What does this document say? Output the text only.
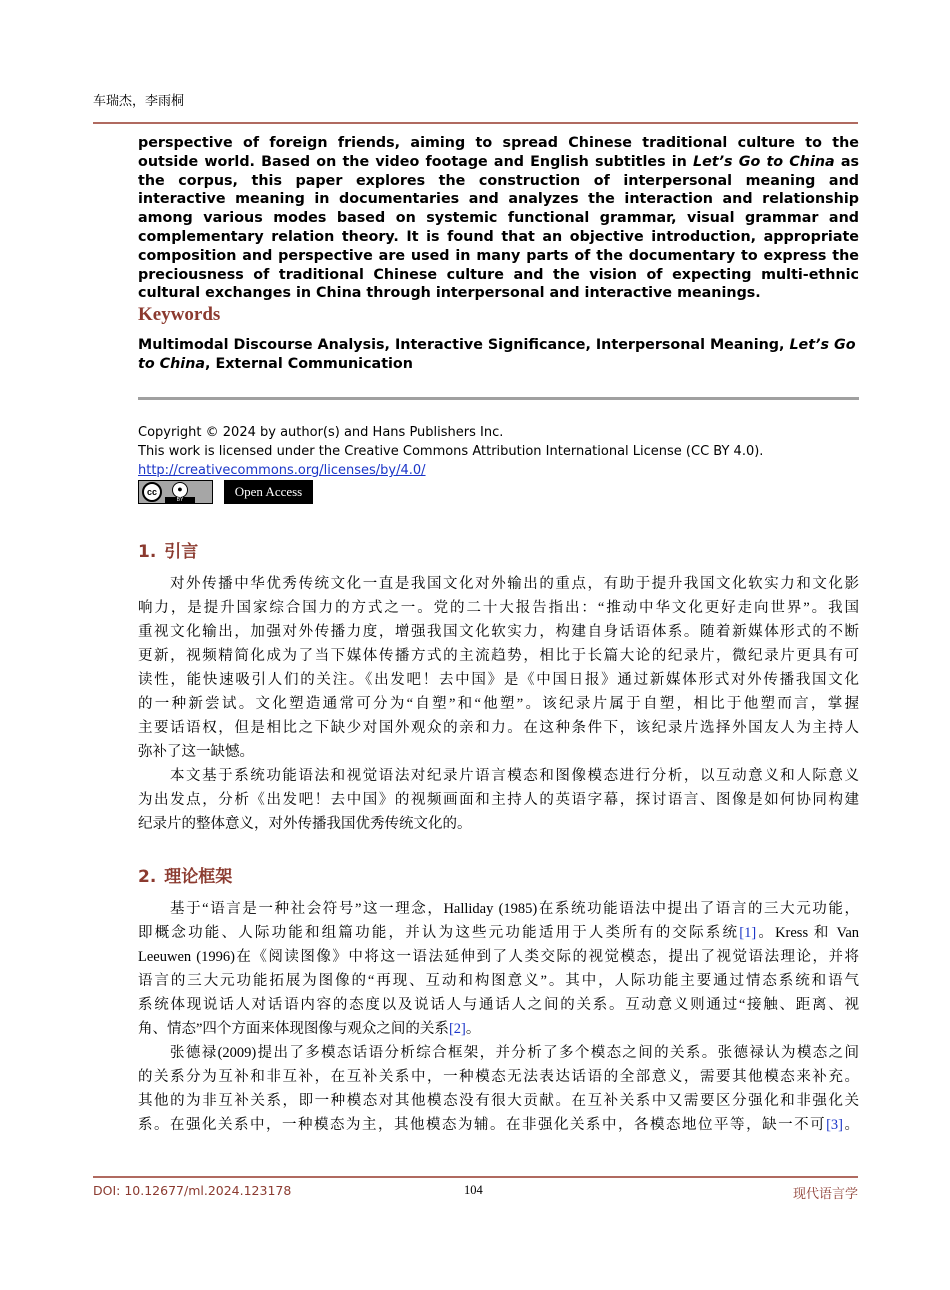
车瑞杰，李雨桐
perspective of foreign friends, aiming to spread Chinese traditional culture to the outside world. Based on the video footage and English subtitles in Let’s Go to China as the corpus, this paper explores the construction of interpersonal meaning and interactive meaning in documentaries and analyzes the interaction and relationship among various modes based on systemic functional grammar, visual grammar and complementary relation theory. It is found that an objective introduction, appropriate composition and perspective are used in many parts of the documentary to express the preciousness of traditional Chinese culture and the vision of expecting multi-ethnic cultural exchanges in China through interpersonal and interactive meanings.
Keywords
Multimodal Discourse Analysis, Interactive Significance, Interpersonal Meaning, Let’s Go to China, External Communication
Copyright © 2024 by author(s) and Hans Publishers Inc.
This work is licensed under the Creative Commons Attribution International License (CC BY 4.0).
http://creativecommons.org/licenses/by/4.0/
cc	●
BY
Open Access
1. 引言
对外传播中华优秀传统文化一直是我国文化对外输出的重点，有助于提升我国文化软实力和文化影
响力，是提升国家综合国力的方式之一。党的二十大报告指出：“推动中华文化更好走向世界”。我国
重视文化输出，加强对外传播力度，增强我国文化软实力，构建自身话语体系。随着新媒体形式的不断
更新，视频精简化成为了当下媒体传播方式的主流趋势，相比于长篇大论的纪录片，微纪录片更具有可
读性，能快速吸引人们的关注。《出发吧！去中国》是《中国日报》通过新媒体形式对外传播我国文化
的一种新尝试。文化塑造通常可分为“自塑”和“他塑”。该纪录片属于自塑，相比于他塑而言，掌握
主要话语权，但是相比之下缺少对国外观众的亲和力。在这种条件下，该纪录片选择外国友人为主持人
弥补了这一缺憾。
本文基于系统功能语法和视觉语法对纪录片语言模态和图像模态进行分析，以互动意义和人际意义
为出发点，分析《出发吧！去中国》的视频画面和主持人的英语字幕，探讨语言、图像是如何协同构建
纪录片的整体意义，对外传播我国优秀传统文化的。
2. 理论框架
基于“语言是一种社会符号”这一理念，Halliday (1985)在系统功能语法中提出了语言的三大元功能，
即概念功能、人际功能和组篇功能，并认为这些元功能适用于人类所有的交际系统[1]。Kress 和 Van
Leeuwen (1996)在《阅读图像》中将这一语法延伸到了人类交际的视觉模态，提出了视觉语法理论，并将
语言的三大元功能拓展为图像的“再现、互动和构图意义”。其中，人际功能主要通过情态系统和语气
系统体现说话人对话语内容的态度以及说话人与通话人之间的关系。互动意义则通过“接触、距离、视
角、情态”四个方面来体现图像与观众之间的关系[2]。
张德禄(2009)提出了多模态话语分析综合框架，并分析了多个模态之间的关系。张德禄认为模态之间
的关系分为互补和非互补，在互补关系中，一种模态无法表达话语的全部意义，需要其他模态来补充。
其他的为非互补关系，即一种模态对其他模态没有很大贡献。在互补关系中又需要区分强化和非强化关
系。在强化关系中，一种模态为主，其他模态为辅。在非强化关系中，各模态地位平等，缺一不可[3]。
DOI: 10.12677/ml.2024.123178	104	现代语言学
